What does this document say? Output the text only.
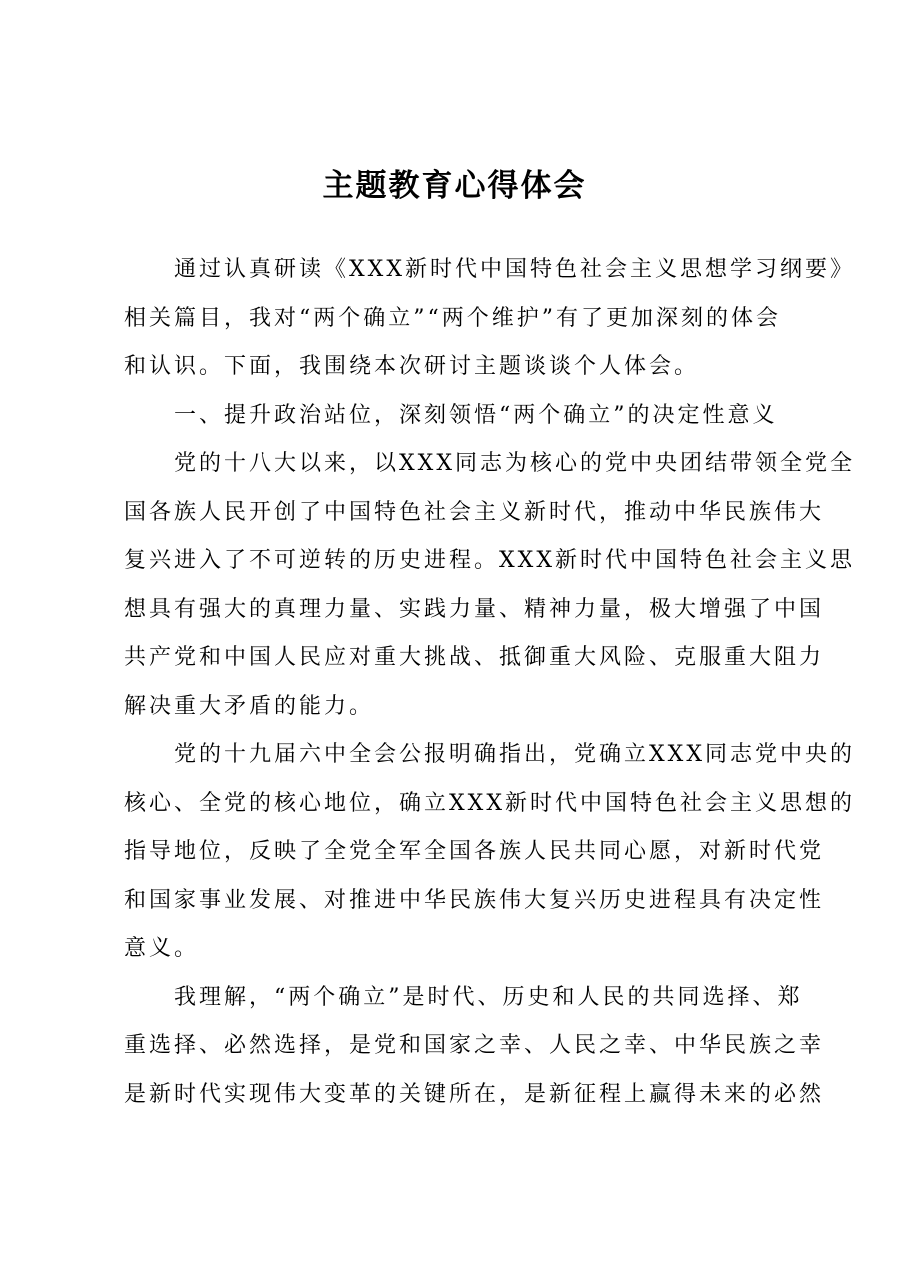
主题教育心得体会
　　通过认真研读《XXX新时代中国特色社会主义思想学习纲要》
相关篇目，我对“两个确立”“两个维护”有了更加深刻的体会
和认识。下面，我围绕本次研讨主题谈谈个人体会。
　　一、提升政治站位，深刻领悟“两个确立”的决定性意义
　　党的十八大以来，以XXX同志为核心的党中央团结带领全党全
国各族人民开创了中国特色社会主义新时代，推动中华民族伟大
复兴进入了不可逆转的历史进程。XXX新时代中国特色社会主义思
想具有强大的真理力量、实践力量、精神力量，极大增强了中国
共产党和中国人民应对重大挑战、抵御重大风险、克服重大阻力
解决重大矛盾的能力。
　　党的十九届六中全会公报明确指出，党确立XXX同志党中央的
核心、全党的核心地位，确立XXX新时代中国特色社会主义思想的
指导地位，反映了全党全军全国各族人民共同心愿，对新时代党
和国家事业发展、对推进中华民族伟大复兴历史进程具有决定性
意义。
　　我理解，“两个确立”是时代、历史和人民的共同选择、郑
重选择、必然选择，是党和国家之幸、人民之幸、中华民族之幸
是新时代实现伟大变革的关键所在，是新征程上赢得未来的必然
